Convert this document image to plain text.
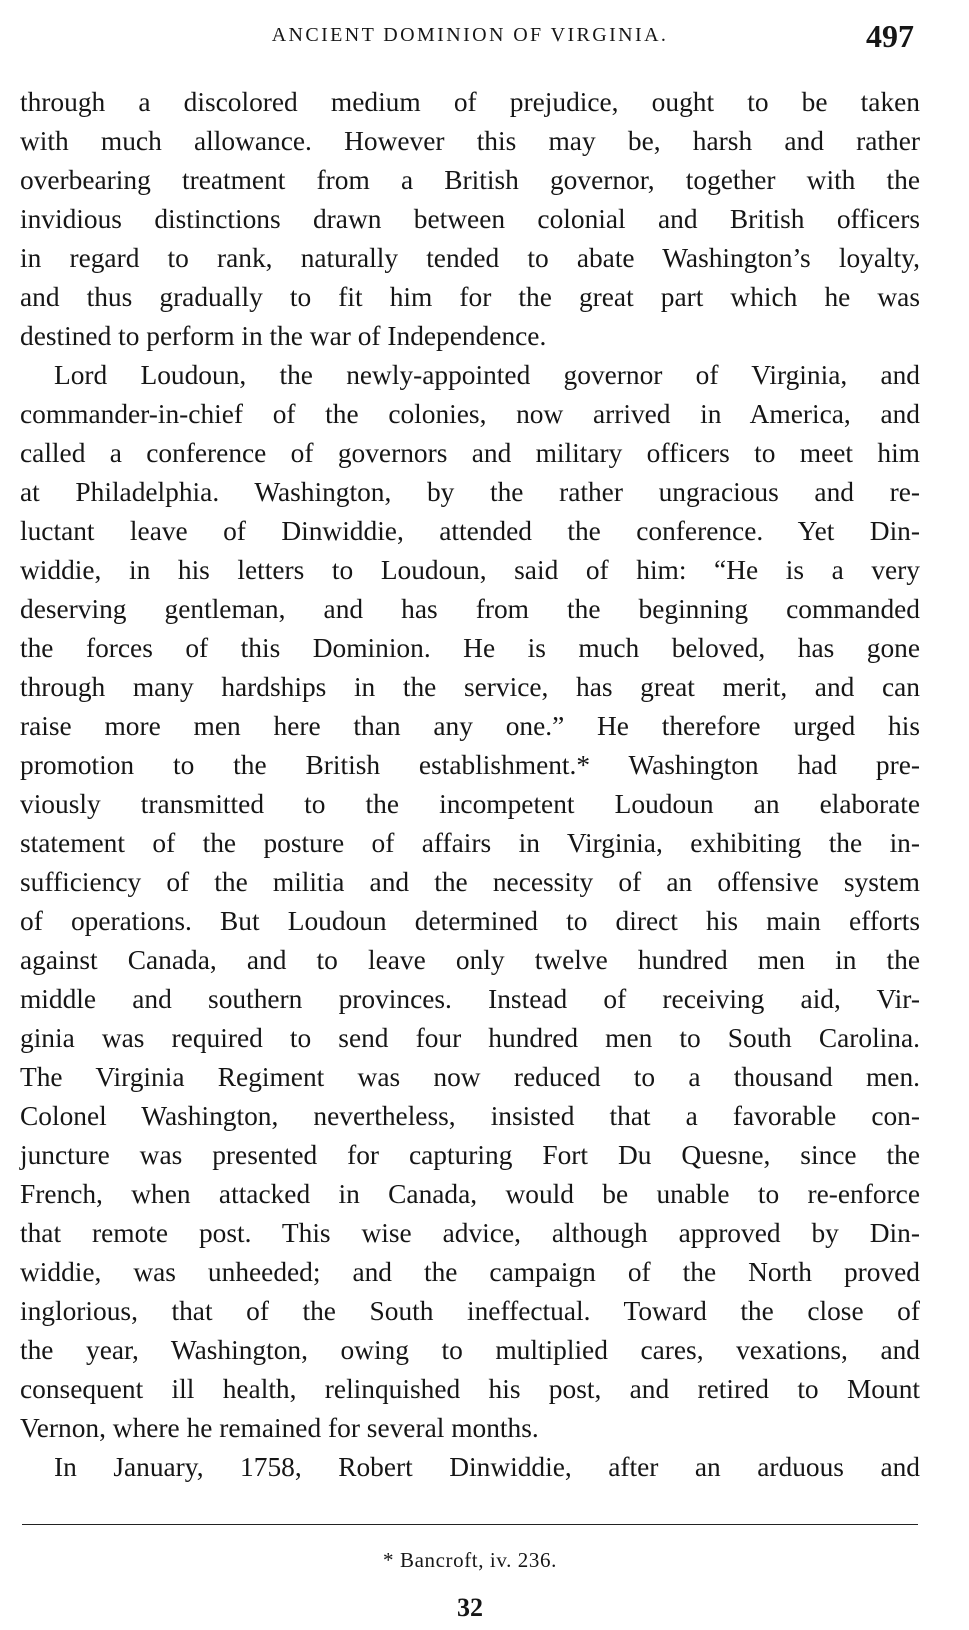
ANCIENT DOMINION OF VIRGINIA.	497
through a discolored medium of prejudice, ought to be taken
with much allowance. However this may be, harsh and rather
overbearing treatment from a British governor, together with the
invidious distinctions drawn between colonial and British officers
in regard to rank, naturally tended to abate Washington’s loyalty,
and thus gradually to fit him for the great part which he was
destined to perform in the war of Independence.
Lord Loudoun, the newly-appointed governor of Virginia, and
commander-in-chief of the colonies, now arrived in America, and
called a conference of governors and military officers to meet him
at Philadelphia. Washington, by the rather ungracious and re-
luctant leave of Dinwiddie, attended the conference. Yet Din-
widdie, in his letters to Loudoun, said of him: “He is a very
deserving gentleman, and has from the beginning commanded
the forces of this Dominion. He is much beloved, has gone
through many hardships in the service, has great merit, and can
raise more men here than any one.” He therefore urged his
promotion to the British establishment.* Washington had pre-
viously transmitted to the incompetent Loudoun an elaborate
statement of the posture of affairs in Virginia, exhibiting the in-
sufficiency of the militia and the necessity of an offensive system
of operations. But Loudoun determined to direct his main efforts
against Canada, and to leave only twelve hundred men in the
middle and southern provinces. Instead of receiving aid, Vir-
ginia was required to send four hundred men to South Carolina.
The Virginia Regiment was now reduced to a thousand men.
Colonel Washington, nevertheless, insisted that a favorable con-
juncture was presented for capturing Fort Du Quesne, since the
French, when attacked in Canada, would be unable to re-enforce
that remote post. This wise advice, although approved by Din-
widdie, was unheeded; and the campaign of the North proved
inglorious, that of the South ineffectual. Toward the close of
the year, Washington, owing to multiplied cares, vexations, and
consequent ill health, relinquished his post, and retired to Mount
Vernon, where he remained for several months.
In January, 1758, Robert Dinwiddie, after an arduous and
* Bancroft, iv. 236.
32
